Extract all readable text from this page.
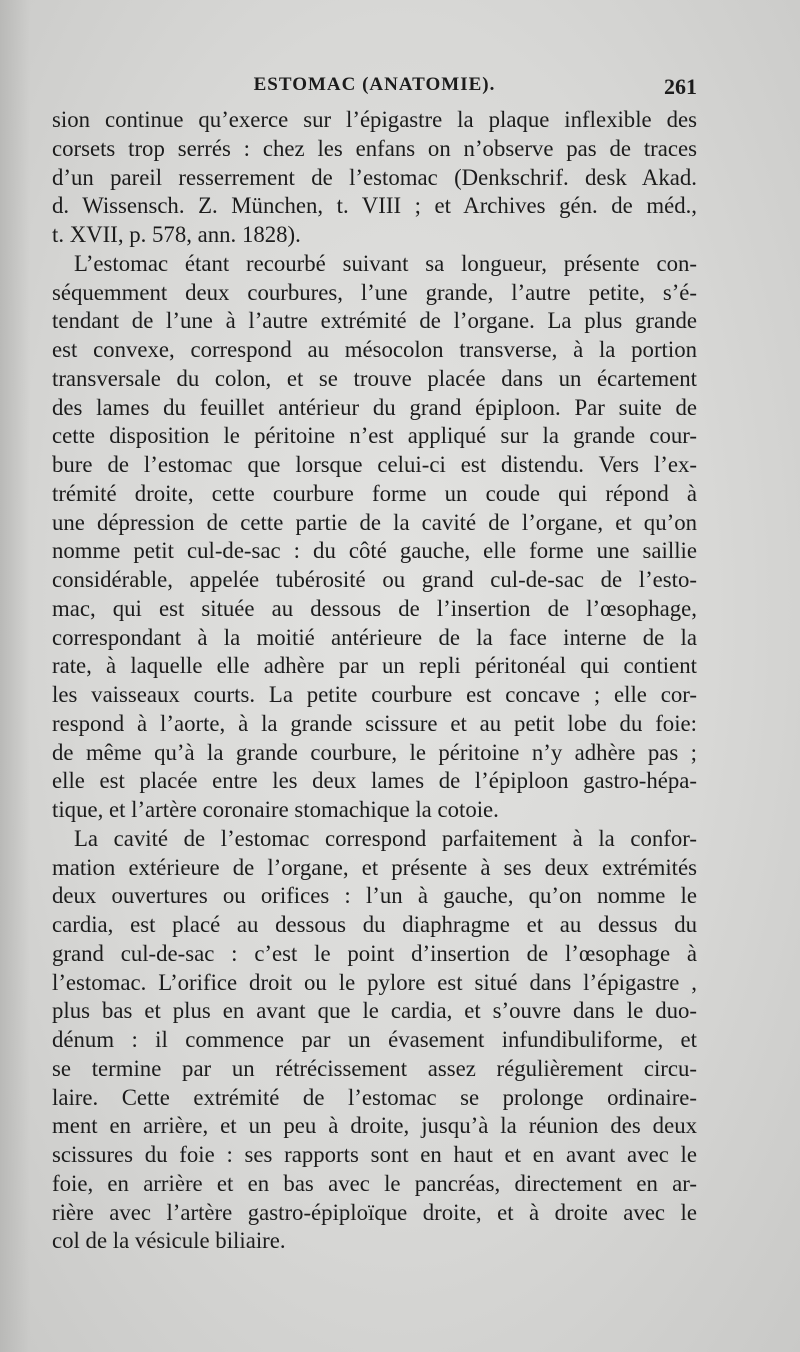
ESTOMAC (ANATOMIE).	261
sion continue qu’exerce sur l’épigastre la plaque inflexible des
corsets trop serrés : chez les enfans on n’observe pas de traces
d’un pareil resserrement de l’estomac (Denkschrif. desk Akad.
d. Wissensch. Z. München, t. VIII ; et Archives gén. de méd.,
t. XVII, p. 578, ann. 1828).
L’estomac étant recourbé suivant sa longueur, présente con-
séquemment deux courbures, l’une grande, l’autre petite, s’é-
tendant de l’une à l’autre extrémité de l’organe. La plus grande
est convexe, correspond au mésocolon transverse, à la portion
transversale du colon, et se trouve placée dans un écartement
des lames du feuillet antérieur du grand épiploon. Par suite de
cette disposition le péritoine n’est appliqué sur la grande cour-
bure de l’estomac que lorsque celui-ci est distendu. Vers l’ex-
trémité droite, cette courbure forme un coude qui répond à
une dépression de cette partie de la cavité de l’organe, et qu’on
nomme petit cul-de-sac : du côté gauche, elle forme une saillie
considérable, appelée tubérosité ou grand cul-de-sac de l’esto-
mac, qui est située au dessous de l’insertion de l’œsophage,
correspondant à la moitié antérieure de la face interne de la
rate, à laquelle elle adhère par un repli péritonéal qui contient
les vaisseaux courts. La petite courbure est concave ; elle cor-
respond à l’aorte, à la grande scissure et au petit lobe du foie:
de même qu’à la grande courbure, le péritoine n’y adhère pas ;
elle est placée entre les deux lames de l’épiploon gastro-hépa-
tique, et l’artère coronaire stomachique la cotoie.
La cavité de l’estomac correspond parfaitement à la confor-
mation extérieure de l’organe, et présente à ses deux extrémités
deux ouvertures ou orifices : l’un à gauche, qu’on nomme le
cardia, est placé au dessous du diaphragme et au dessus du
grand cul-de-sac : c’est le point d’insertion de l’œsophage à
l’estomac. L’orifice droit ou le pylore est situé dans l’épigastre ,
plus bas et plus en avant que le cardia, et s’ouvre dans le duo-
dénum : il commence par un évasement infundibuliforme, et
se termine par un rétrécissement assez régulièrement circu-
laire. Cette extrémité de l’estomac se prolonge ordinaire-
ment en arrière, et un peu à droite, jusqu’à la réunion des deux
scissures du foie : ses rapports sont en haut et en avant avec le
foie, en arrière et en bas avec le pancréas, directement en ar-
rière avec l’artère gastro-épiploïque droite, et à droite avec le
col de la vésicule biliaire.
